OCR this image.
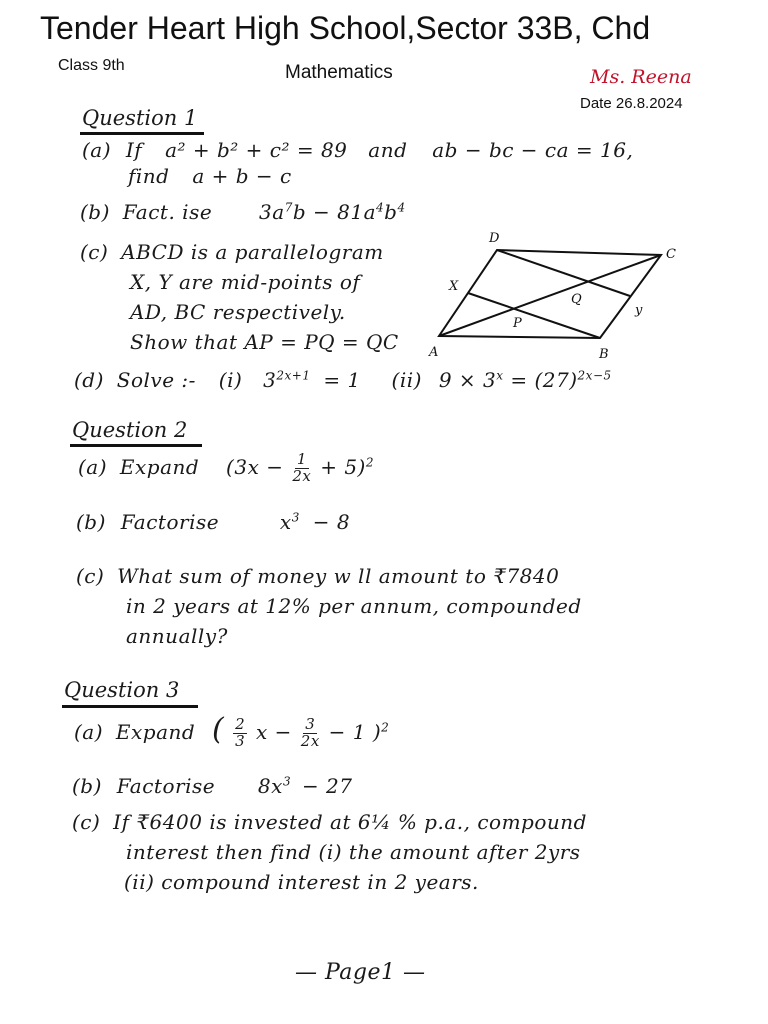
Tender Heart High School,Sector 33B, Chd
Class 9th	Mathematics	Ms. Reena
Date 26.8.2024
Question 1
(a) If a² + b² + c² = 89 and ab − bc − ca = 16,
find a + b − c
(b) Fact. ise $3a^7b - 81a^4b^4$
(c) ABCD is a parallelogram
X, Y are mid-points of
AD, BC respectively.
Show that AP = PQ = QC
D
C
X
Q
y
P
A	B
(d) Solve :- (i) $3^{2x+1} = 1$ (ii) $9 \times 3^x = (27)^{2x-5}$
Question 2
(a) Expand $(3x - \frac{1}{2x} + 5)^2$
(b) Factorise	$x^3 - 8$
(c) What sum of money w ll amount to ₹7840
in 2 years at 12% per annum, compounded
annually?
Question 3
(a) Expand ( $\frac{2}{3}$ $x - \frac{3}{2x} - 1$ )$^2$
(b) Factorise $8x^3 - 27$
(c) If ₹6400 is invested at 6¼ % p.a., compound
interest then find (i) the amount after 2yrs
(ii) compound interest in 2 years.
— Page1 —
